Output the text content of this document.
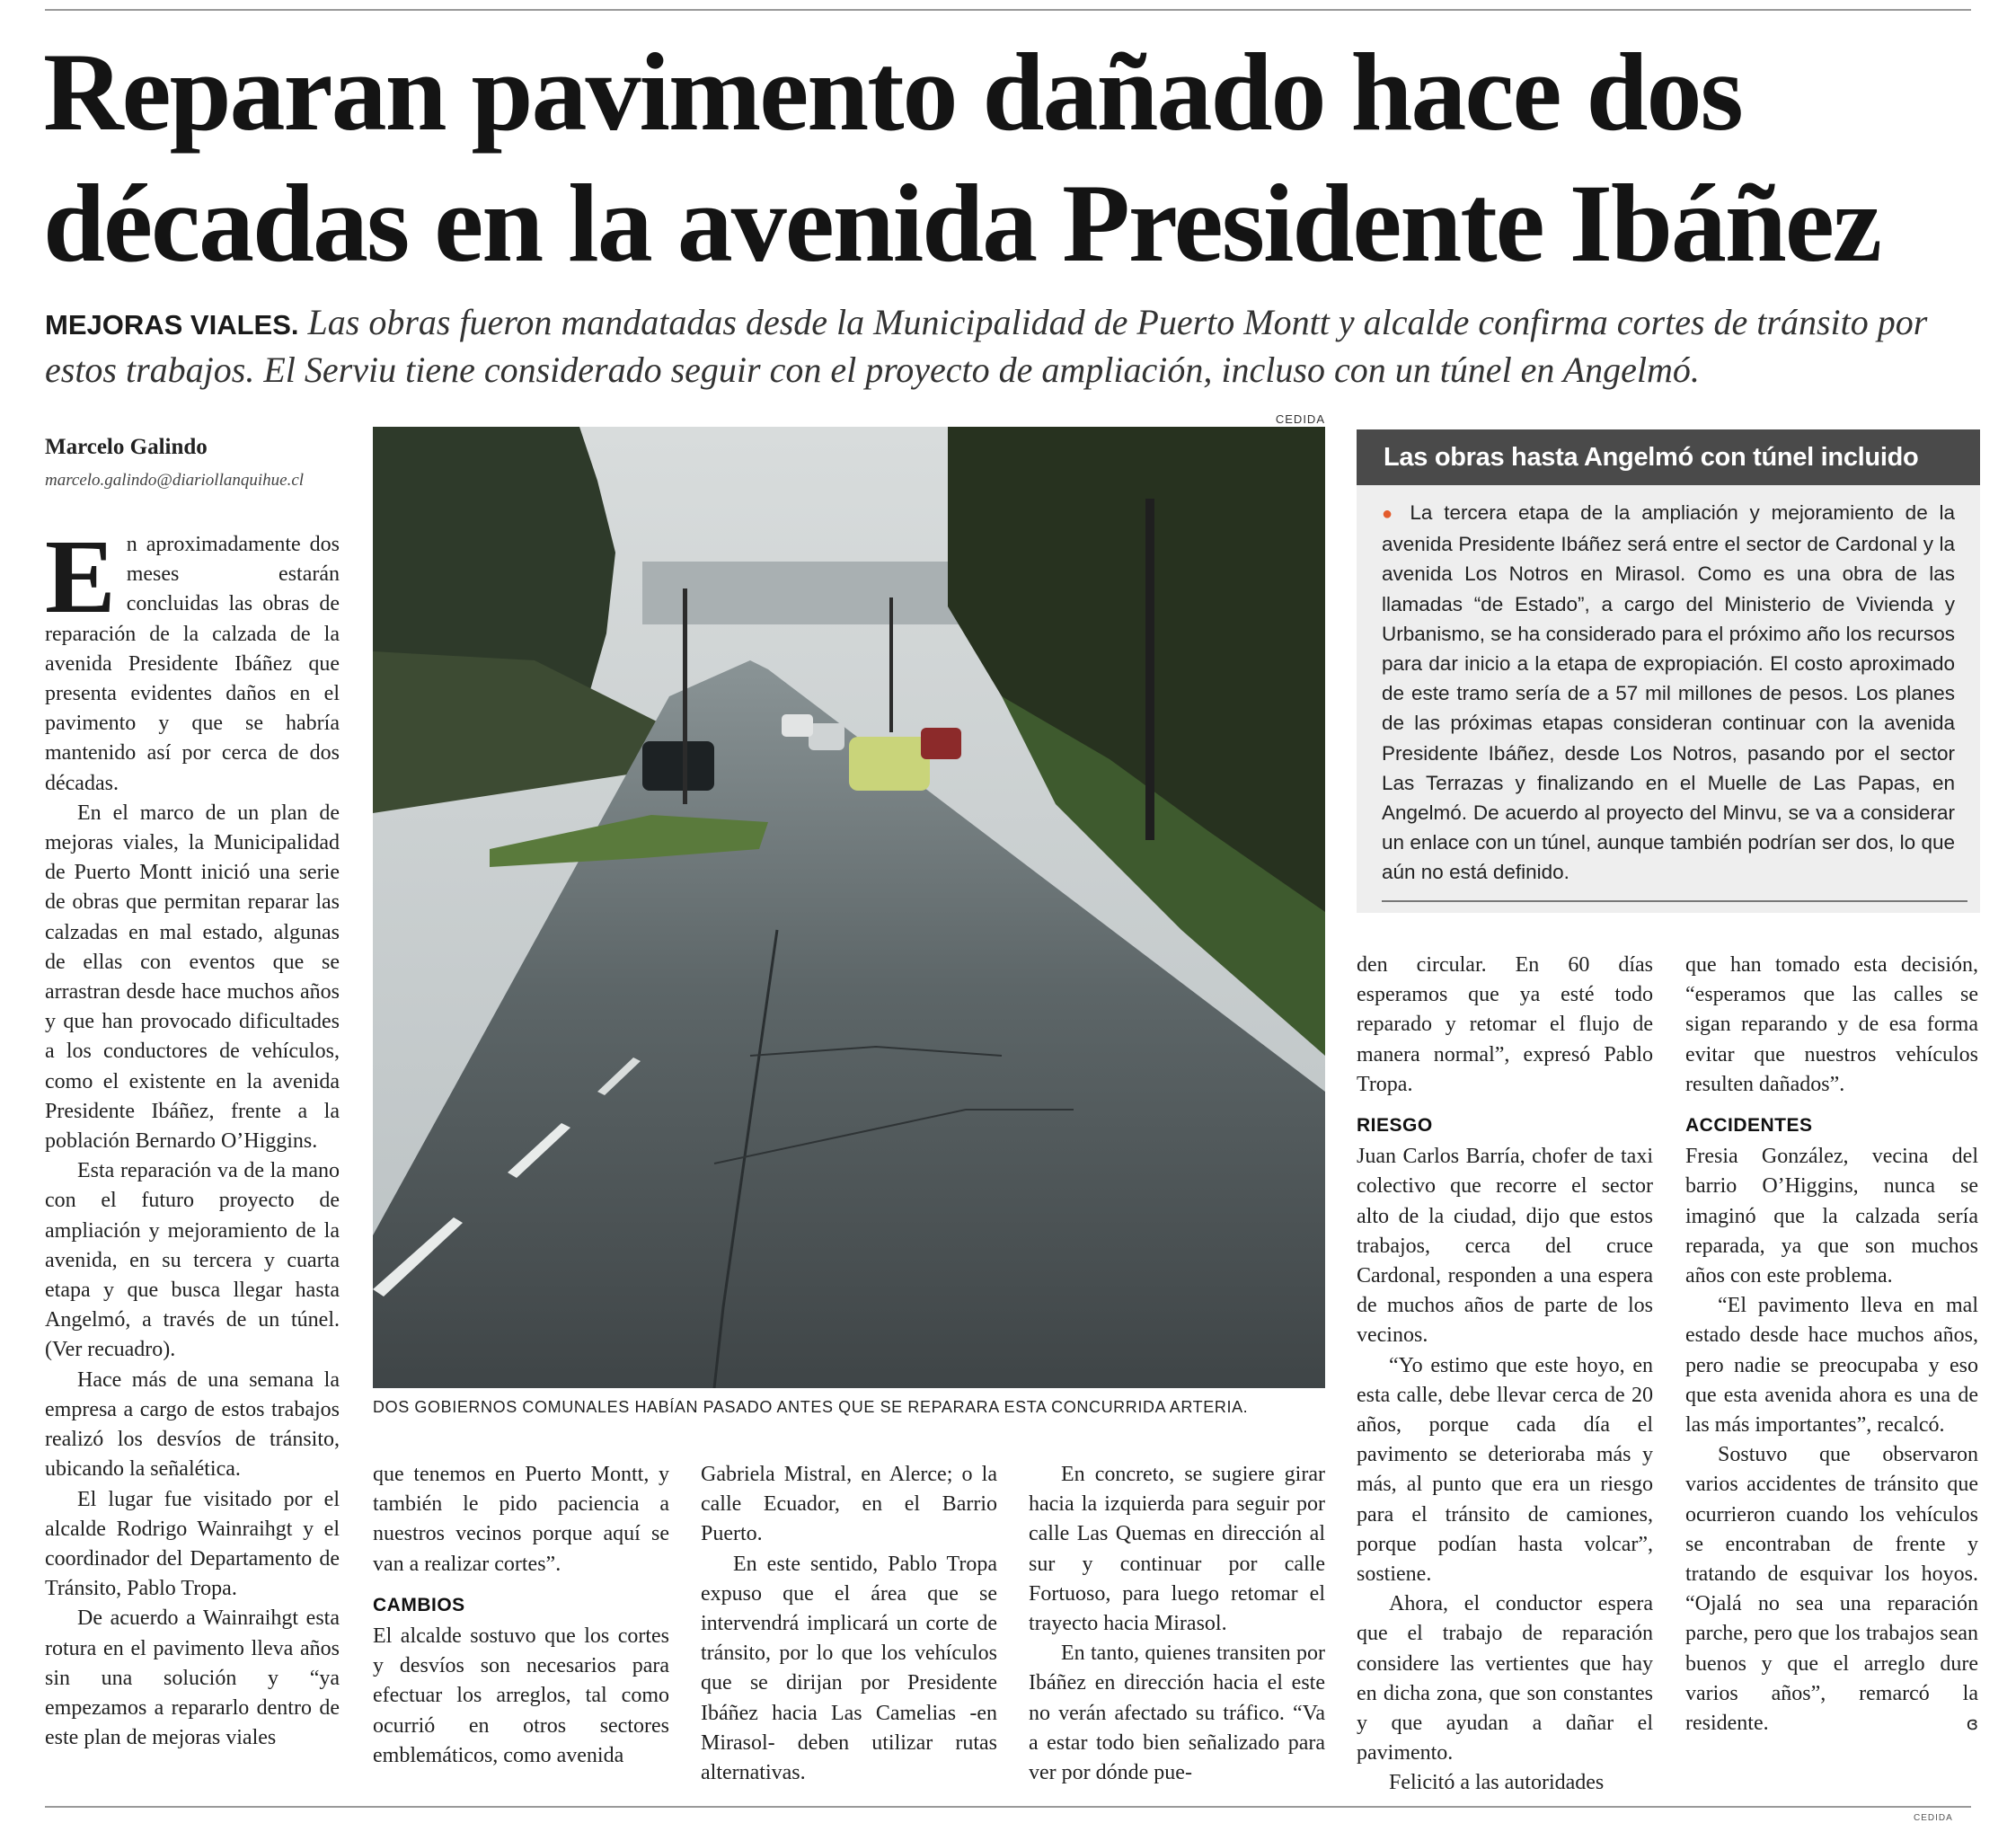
Reparan pavimento dañado hace dos décadas en la avenida Presidente Ibáñez
MEJORAS VIALES. Las obras fueron mandatadas desde la Municipalidad de Puerto Montt y alcalde confirma cortes de tránsito por estos trabajos. El Serviu tiene considerado seguir con el proyecto de ampliación, incluso con un túnel en Angelmó.
Marcelo Galindo
marcelo.galindo@diariollanquihue.cl

En aproximadamente dos meses estarán concluidas las obras de reparación de la calzada de la avenida Presidente Ibáñez que presenta evidentes daños en el pavimento y que se habría mantenido así por cerca de dos décadas.

En el marco de un plan de mejoras viales, la Municipalidad de Puerto Montt inició una serie de obras que permitan reparar las calzadas en mal estado, algunas de ellas con eventos que se arrastran desde hace muchos años y que han provocado dificultades a los conductores de vehículos, como el existente en la avenida Presidente Ibáñez, frente a la población Bernardo O’Higgins.

Esta reparación va de la mano con el futuro proyecto de ampliación y mejoramiento de la avenida, en su tercera y cuarta etapa y que busca llegar hasta Angelmó, a través de un túnel. (Ver recuadro).

Hace más de una semana la empresa a cargo de estos trabajos realizó los desvíos de tránsito, ubicando la señalética.

El lugar fue visitado por el alcalde Rodrigo Wainraihgt y el coordinador del Departamento de Tránsito, Pablo Tropa.

De acuerdo a Wainraihgt esta rotura en el pavimento lleva años sin una solución y “ya empezamos a repararlo dentro de este plan de mejoras viales

CEDIDA
DOS GOBIERNOS COMUNALES HABÍAN PASADO ANTES QUE SE REPARARA ESTA CONCURRIDA ARTERIA.
Las obras hasta Angelmó con túnel incluido
● La tercera etapa de la ampliación y mejoramiento de la avenida Presidente Ibáñez será entre el sector de Cardonal y la avenida Los Notros en Mirasol. Como es una obra de las llamadas “de Estado”, a cargo del Ministerio de Vivienda y Urbanismo, se ha considerado para el próximo año los recursos para dar inicio a la etapa de expropiación. El costo aproximado de este tramo sería de a 57 mil millones de pesos. Los planes de las próximas etapas consideran continuar con la avenida Presidente Ibáñez, desde Los Notros, pasando por el sector Las Terrazas y finalizando en el Muelle de Las Papas, en Angelmó. De acuerdo al proyecto del Minvu, se va a considerar un enlace con un túnel, aunque también podrían ser dos, lo que aún no está definido.

que tenemos en Puerto Montt, y también le pido paciencia a nuestros vecinos porque aquí se van a realizar cortes”.

CAMBIOS

El alcalde sostuvo que los cortes y desvíos son necesarios para efectuar los arreglos, tal como ocurrió en otros sectores emblemáticos, como avenida

Gabriela Mistral, en Alerce; o la calle Ecuador, en el Barrio Puerto.

En este sentido, Pablo Tropa expuso que el área que se intervendrá implicará un corte de tránsito, por lo que los vehículos que se dirijan por Presidente Ibáñez hacia Las Camelias -en Mirasol- deben utilizar rutas alternativas.

En concreto, se sugiere girar hacia la izquierda para seguir por calle Las Quemas en dirección al sur y continuar por calle Fortuoso, para luego retomar el trayecto hacia Mirasol.

En tanto, quienes transiten por Ibáñez en dirección hacia el este no verán afectado su tráfico. “Va a estar todo bien señalizado para ver por dónde pue-

den circular. En 60 días esperamos que ya esté todo reparado y retomar el flujo de manera normal”, expresó Pablo Tropa.

RIESGO

Juan Carlos Barría, chofer de taxi colectivo que recorre el sector alto de la ciudad, dijo que estos trabajos, cerca del cruce Cardonal, responden a una espera de muchos años de parte de los vecinos.

“Yo estimo que este hoyo, en esta calle, debe llevar cerca de 20 años, porque cada día el pavimento se deterioraba más y más, al punto que era un riesgo para el tránsito de camiones, porque podían hasta volcar”, sostiene.

Ahora, el conductor espera que el trabajo de reparación considere las vertientes que hay en dicha zona, que son constantes y que ayudan a dañar el pavimento.

Felicitó a las autoridades

que han tomado esta decisión, “esperamos que las calles se sigan reparando y de esa forma evitar que nuestros vehículos resulten dañados”.

ACCIDENTES

Fresia González, vecina del barrio O’Higgins, nunca se imaginó que la calzada sería reparada, ya que son muchos años con este problema.

“El pavimento lleva en mal estado desde hace muchos años, pero nadie se preocupaba y eso que esta avenida ahora es una de las más importantes”, recalcó.

Sostuvo que observaron varios accidentes de tránsito que ocurrieron cuando los vehículos se encontraban de frente y tratando de esquivar los hoyos. “Ojalá no sea una reparación parche, pero que los trabajos sean buenos y que el arreglo dure varios años”, remarcó la residente.	ɞ

CEDIDA
